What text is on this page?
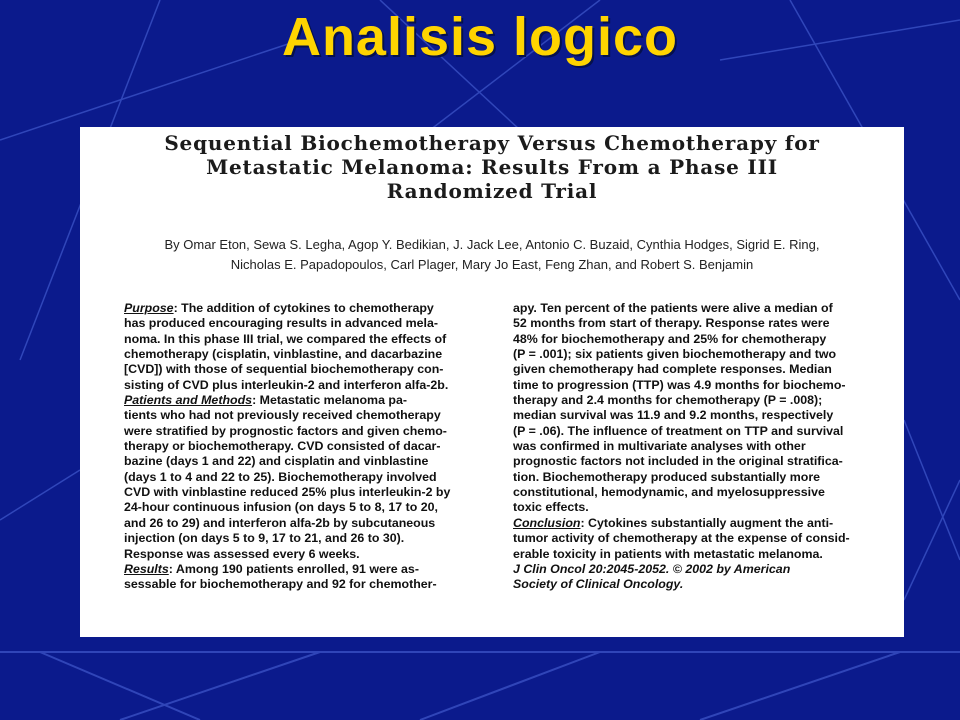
Analisis logico
Sequential Biochemotherapy Versus Chemotherapy for
Metastatic Melanoma: Results From a Phase III
Randomized Trial
By Omar Eton, Sewa S. Legha, Agop Y. Bedikian, J. Jack Lee, Antonio C. Buzaid, Cynthia Hodges, Sigrid E. Ring,
Nicholas E. Papadopoulos, Carl Plager, Mary Jo East, Feng Zhan, and Robert S. Benjamin
Purpose: The addition of cytokines to chemotherapy
has produced encouraging results in advanced mela-
noma. In this phase III trial, we compared the effects of
chemotherapy (cisplatin, vinblastine, and dacarbazine
[CVD]) with those of sequential biochemotherapy con-
sisting of CVD plus interleukin-2 and interferon alfa-2b.
Patients and Methods: Metastatic melanoma pa-
tients who had not previously received chemotherapy
were stratified by prognostic factors and given chemo-
therapy or biochemotherapy. CVD consisted of dacar-
bazine (days 1 and 22) and cisplatin and vinblastine
(days 1 to 4 and 22 to 25). Biochemotherapy involved
CVD with vinblastine reduced 25% plus interleukin-2 by
24-hour continuous infusion (on days 5 to 8, 17 to 20,
and 26 to 29) and interferon alfa-2b by subcutaneous
injection (on days 5 to 9, 17 to 21, and 26 to 30).
Response was assessed every 6 weeks.
Results: Among 190 patients enrolled, 91 were as-
sessable for biochemotherapy and 92 for chemother-
apy. Ten percent of the patients were alive a median of
52 months from start of therapy. Response rates were
48% for biochemotherapy and 25% for chemotherapy
(P = .001); six patients given biochemotherapy and two
given chemotherapy had complete responses. Median
time to progression (TTP) was 4.9 months for biochemo-
therapy and 2.4 months for chemotherapy (P = .008);
median survival was 11.9 and 9.2 months, respectively
(P = .06). The influence of treatment on TTP and survival
was confirmed in multivariate analyses with other
prognostic factors not included in the original stratifica-
tion. Biochemotherapy produced substantially more
constitutional, hemodynamic, and myelosuppressive
toxic effects.
Conclusion: Cytokines substantially augment the anti-
tumor activity of chemotherapy at the expense of consid-
erable toxicity in patients with metastatic melanoma.
J Clin Oncol 20:2045-2052. © 2002 by American
Society of Clinical Oncology.
